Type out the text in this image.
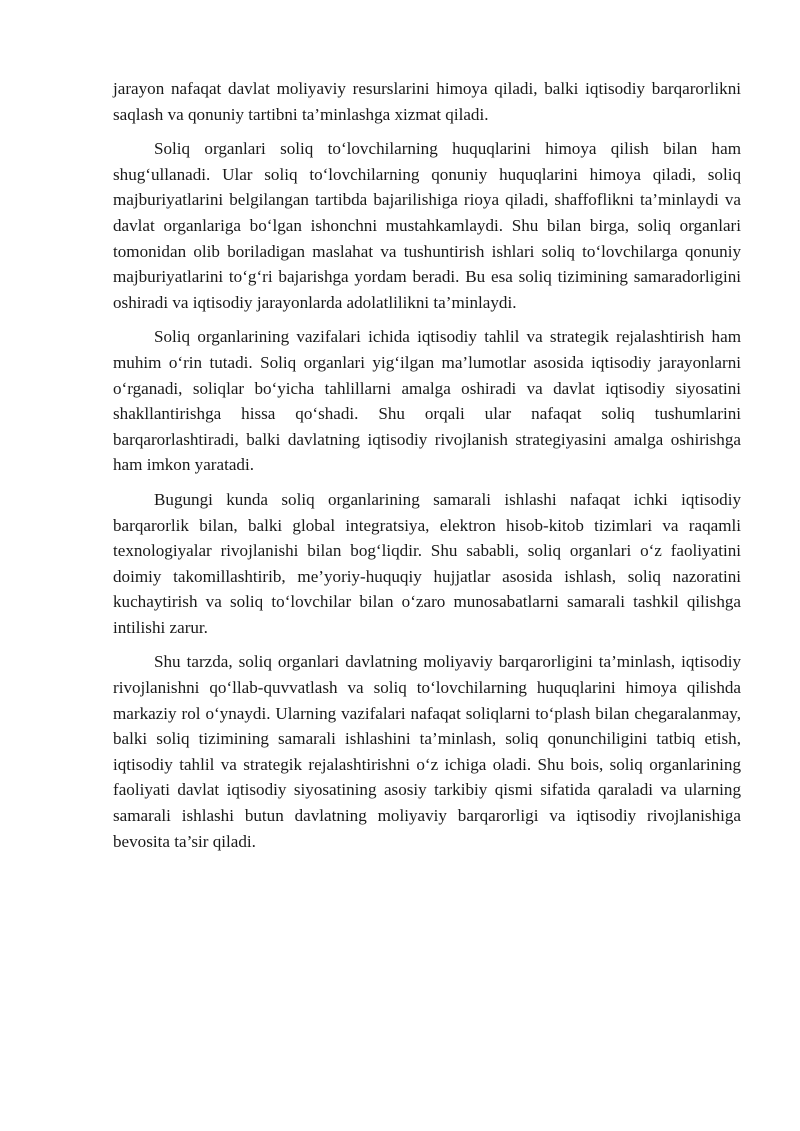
jarayon nafaqat davlat moliyaviy resurslarini himoya qiladi, balki iqtisodiy barqarorlikni saqlash va qonuniy tartibni ta’minlashga xizmat qiladi.

Soliq organlari soliq to‘lovchilarning huquqlarini himoya qilish bilan ham shug‘ullanadi. Ular soliq to‘lovchilarning qonuniy huquqlarini himoya qiladi, soliq majburiyatlarini belgilangan tartibda bajarilishiga rioya qiladi, shaffoflikni ta’minlaydi va davlat organlariga bo‘lgan ishonchni mustahkamlaydi. Shu bilan birga, soliq organlari tomonidan olib boriladigan maslahat va tushuntirish ishlari soliq to‘lovchilarga qonuniy majburiyatlarini to‘g‘ri bajarishga yordam beradi. Bu esa soliq tizimining samaradorligini oshiradi va iqtisodiy jarayonlarda adolatlilikni ta’minlaydi.

Soliq organlarining vazifalari ichida iqtisodiy tahlil va strategik rejalashtirish ham muhim o‘rin tutadi. Soliq organlari yig‘ilgan ma’lumotlar asosida iqtisodiy jarayonlarni o‘rganadi, soliqlar bo‘yicha tahlillarni amalga oshiradi va davlat iqtisodiy siyosatini shakllantirishga hissa qo‘shadi. Shu orqali ular nafaqat soliq tushumlarini barqarorlashtiradi, balki davlatning iqtisodiy rivojlanish strategiyasini amalga oshirishga ham imkon yaratadi.

Bugungi kunda soliq organlarining samarali ishlashi nafaqat ichki iqtisodiy barqarorlik bilan, balki global integratsiya, elektron hisob-kitob tizimlari va raqamli texnologiyalar rivojlanishi bilan bog‘liqdir. Shu sababli, soliq organlari o‘z faoliyatini doimiy takomillashtirib, me’yoriy-huquqiy hujjatlar asosida ishlash, soliq nazoratini kuchaytirish va soliq to‘lovchilar bilan o‘zaro munosabatlarni samarali tashkil qilishga intilishi zarur.

Shu tarzda, soliq organlari davlatning moliyaviy barqarorligini ta’minlash, iqtisodiy rivojlanishni qo‘llab-quvvatlash va soliq to‘lovchilarning huquqlarini himoya qilishda markaziy rol o‘ynaydi. Ularning vazifalari nafaqat soliqlarni to‘plash bilan chegaralanmay, balki soliq tizimining samarali ishlashini ta’minlash, soliq qonunchiligini tatbiq etish, iqtisodiy tahlil va strategik rejalashtirishni o‘z ichiga oladi. Shu bois, soliq organlarining faoliyati davlat iqtisodiy siyosatining asosiy tarkibiy qismi sifatida qaraladi va ularning samarali ishlashi butun davlatning moliyaviy barqarorligi va iqtisodiy rivojlanishiga bevosita ta’sir qiladi.
